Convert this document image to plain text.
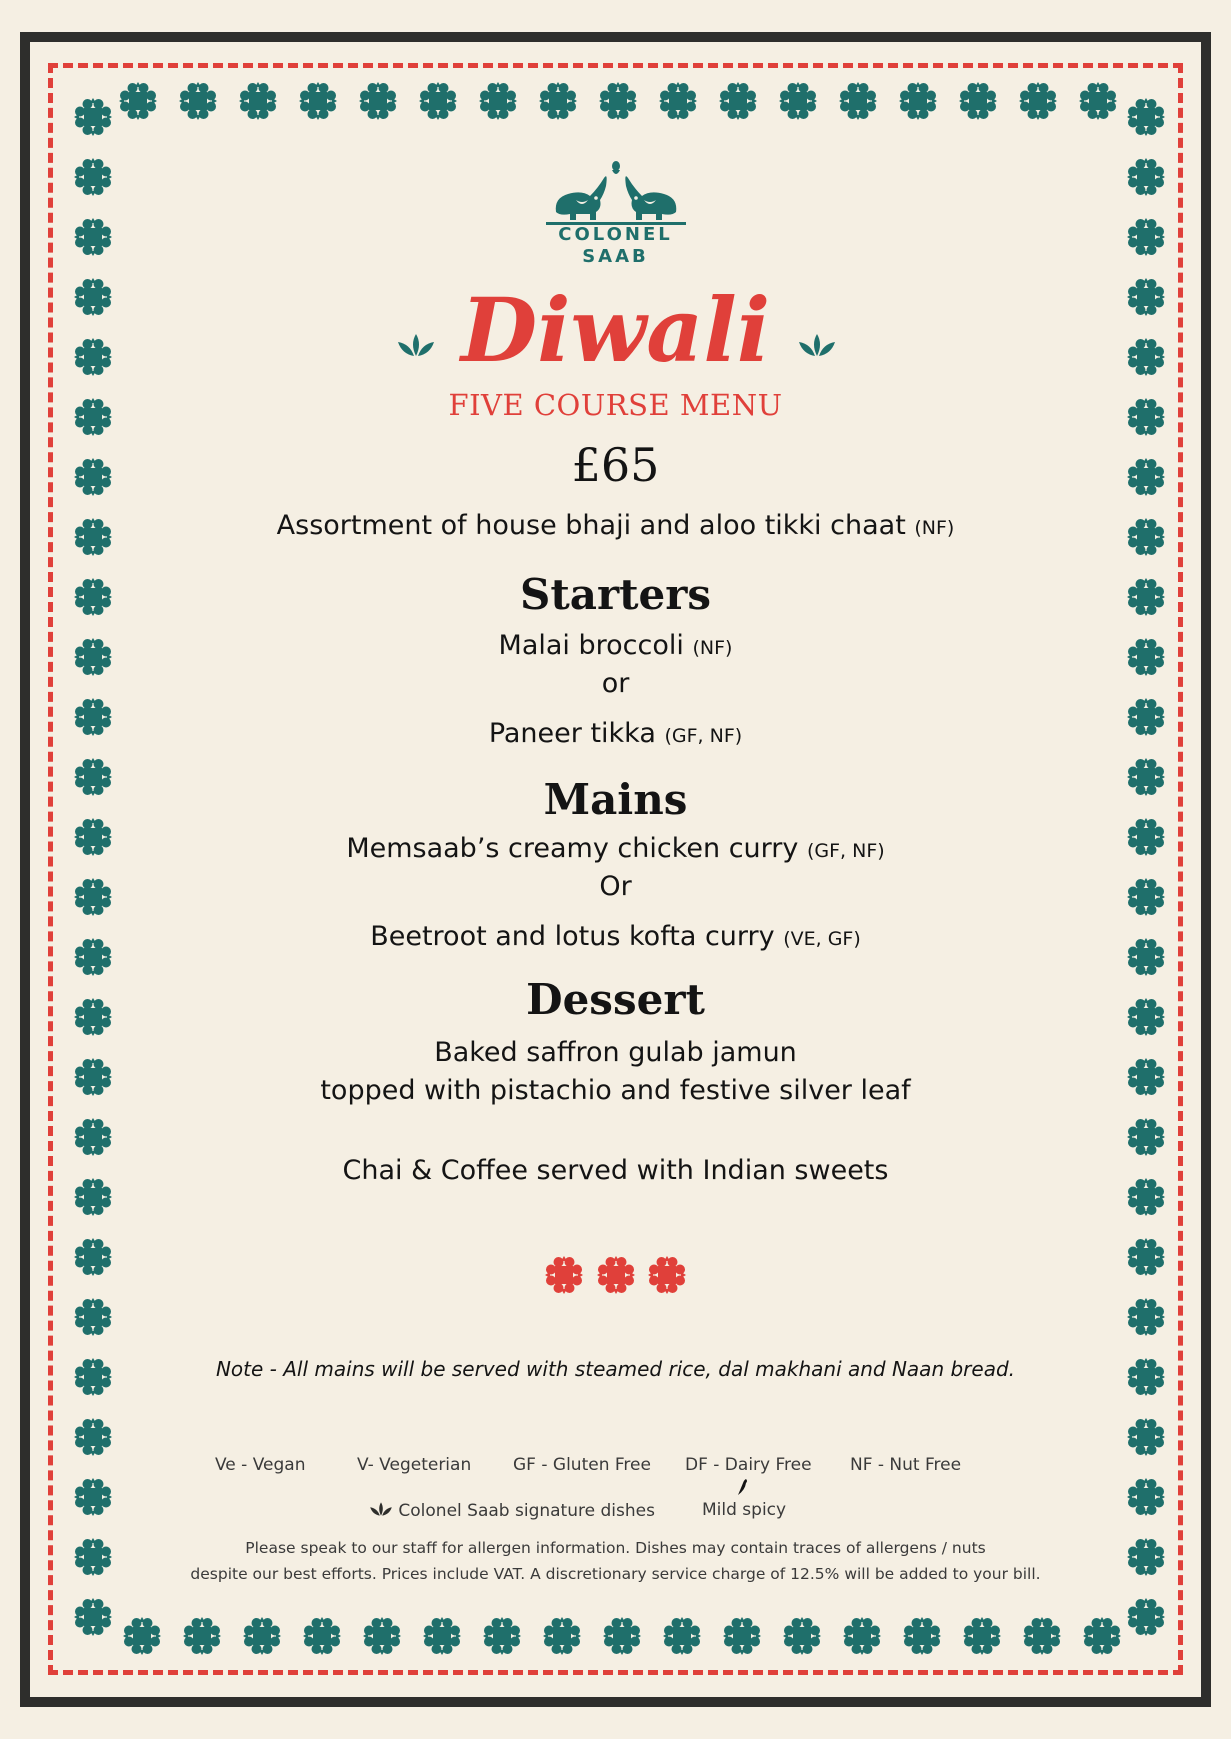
COLONEL
SAAB
Diwali
FIVE COURSE MENU
£65
Assortment of house bhaji and aloo tikki chaat (NF)
Starters
Malai broccoli (NF)
or
Paneer tikka (GF, NF)
Mains
Memsaab’s creamy chicken curry (GF, NF)
Or
Beetroot and lotus kofta curry (VE, GF)
Dessert
Baked saffron gulab jamun
topped with pistachio and festive silver leaf
Chai & Coffee served with Indian sweets

Note - All mains will be served with steamed rice, dal makhani and Naan bread.
Ve - Vegan	V- Vegeterian GF - Gluten Free DF - Dairy Free NF - Nut Free
Colonel Saab signature dishes	Mild spicy
Please speak to our staff for allergen information. Dishes may contain traces of allergens / nuts
despite our best efforts. Prices include VAT. A discretionary service charge of 12.5% will be added to your bill.
